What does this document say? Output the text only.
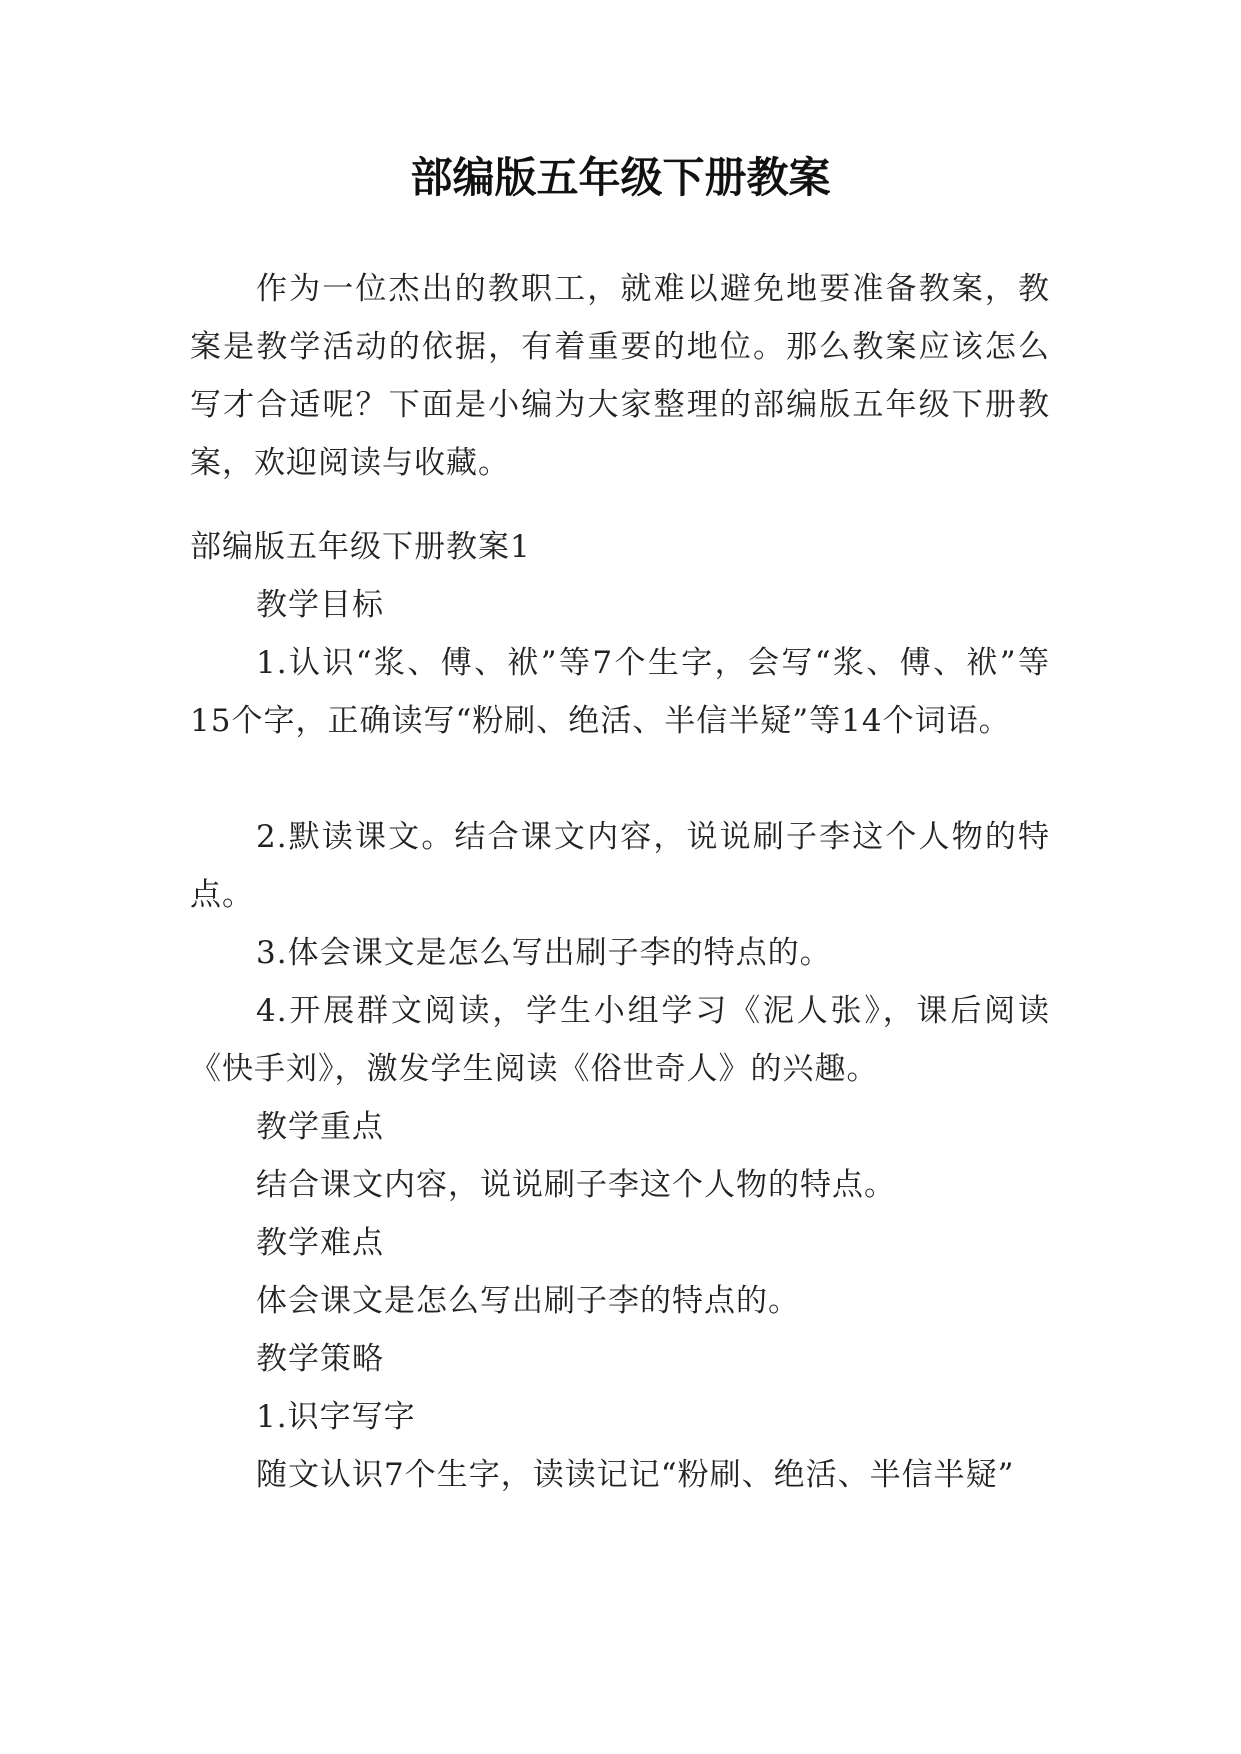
部编版五年级下册教案

作为一位杰出的教职工，就难以避免地要准备教案，教案是教学活动的依据，有着重要的地位。那么教案应该怎么写才合适呢？下面是小编为大家整理的部编版五年级下册教案，欢迎阅读与收藏。

部编版五年级下册教案1

教学目标

1.认识“浆、傅、袱”等7个生字，会写“浆、傅、袱”等15个字，正确读写“粉刷、绝活、半信半疑”等14个词语。

2.默读课文。结合课文内容，说说刷子李这个人物的特点。

3.体会课文是怎么写出刷子李的特点的。

4.开展群文阅读，学生小组学习《泥人张》，课后阅读《快手刘》，激发学生阅读《俗世奇人》的兴趣。

教学重点

结合课文内容，说说刷子李这个人物的特点。

教学难点

体会课文是怎么写出刷子李的特点的。

教学策略

1.识字写字

随文认识7个生字，读读记记“粉刷、绝活、半信半疑”
